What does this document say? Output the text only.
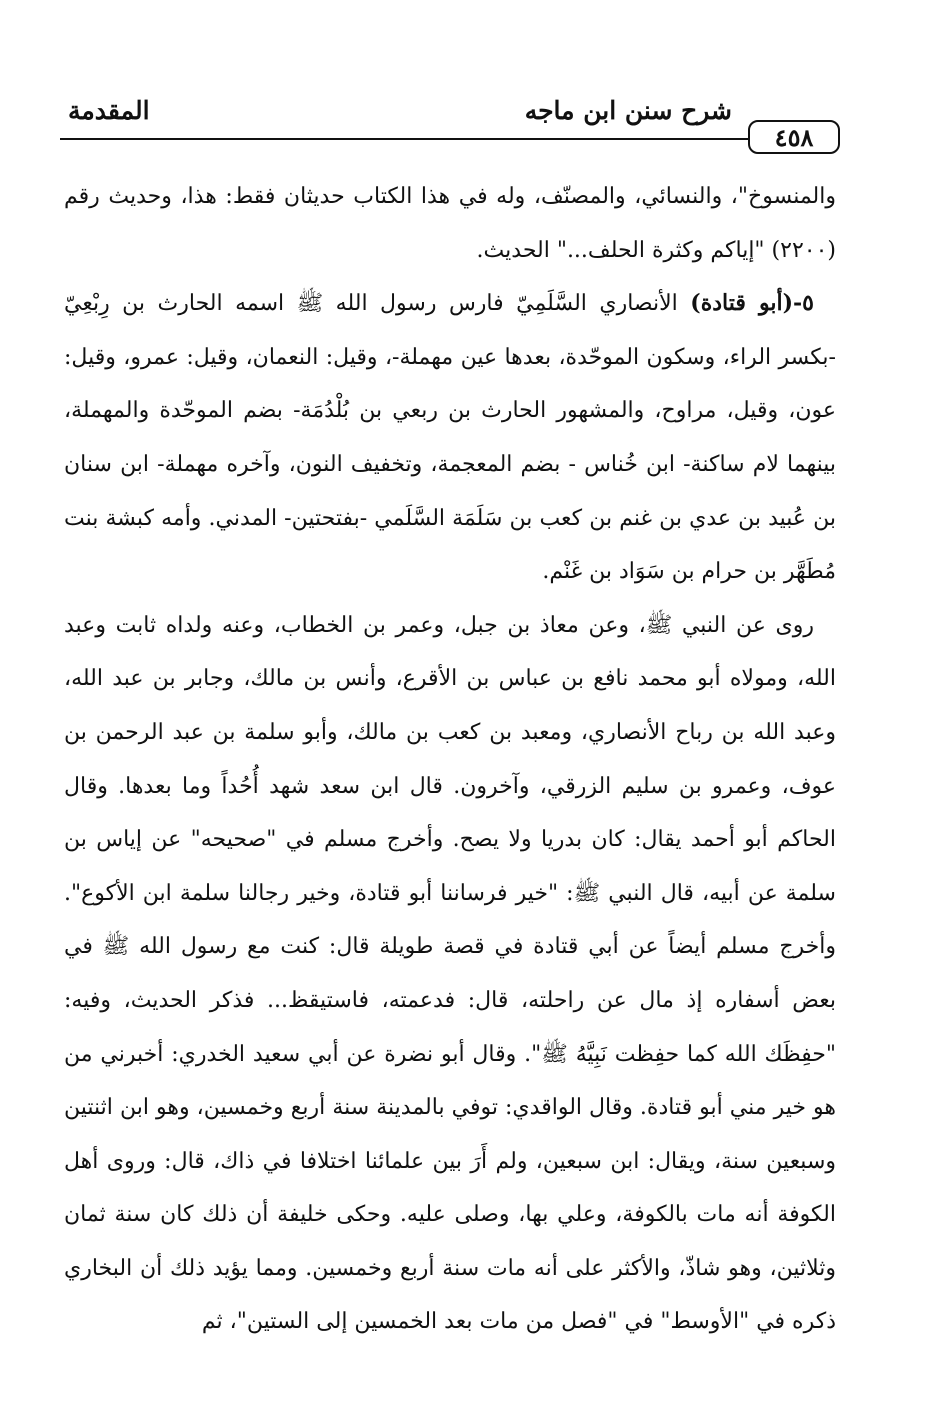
٤٥٨
شرح سنن ابن ماجه
المقدمة

والمنسوخ"، والنسائي، والمصنّف، وله في هذا الكتاب حديثان فقط: هذا، وحديث رقم (٢٢٠٠) "إياكم وكثرة الحلف..." الحديث.

٥-(أبو قتادة) الأنصاري السَّلَمِيّ فارس رسول الله ﷺ اسمه الحارث بن رِبْعِيّ -بكسر الراء، وسكون الموحّدة، بعدها عين مهملة-، وقيل: النعمان، وقيل: عمرو، وقيل: عون، وقيل، مراوح، والمشهور الحارث بن ربعي بن بُلْدُمَة- بضم الموحّدة والمهملة، بينهما لام ساكنة- ابن خُناس - بضم المعجمة، وتخفيف النون، وآخره مهملة- ابن سنان بن عُبيد بن عدي بن غنم بن كعب بن سَلَمَة السَّلَمي -بفتحتين- المدني. وأمه كبشة بنت مُطَهَّر بن حرام بن سَوَاد بن غَنْم.

روى عن النبي ﷺ، وعن معاذ بن جبل، وعمر بن الخطاب، وعنه ولداه ثابت وعبد الله، ومولاه أبو محمد نافع بن عباس بن الأقرع، وأنس بن مالك، وجابر بن عبد الله، وعبد الله بن رباح الأنصاري، ومعبد بن كعب بن مالك، وأبو سلمة بن عبد الرحمن بن عوف، وعمرو بن سليم الزرقي، وآخرون. قال ابن سعد شهد أُحُداً وما بعدها. وقال الحاكم أبو أحمد يقال: كان بدريا ولا يصح. وأخرج مسلم في "صحيحه" عن إياس بن سلمة عن أبيه، قال النبي ﷺ: "خير فرساننا أبو قتادة، وخير رجالنا سلمة ابن الأكوع". وأخرج مسلم أيضاً عن أبي قتادة في قصة طويلة قال: كنت مع رسول الله ﷺ في بعض أسفاره إذ مال عن راحلته، قال: فدعمته، فاستيقظ... فذكر الحديث، وفيه: "حفِظَك الله كما حفِظت نَبِيَّهُ ﷺ". وقال أبو نضرة عن أبي سعيد الخدري: أخبرني من هو خير مني أبو قتادة. وقال الواقدي: توفي بالمدينة سنة أربع وخمسين، وهو ابن اثنتين وسبعين سنة، ويقال: ابن سبعين، ولم أَرَ بين علمائنا اختلافا في ذاك، قال: وروى أهل الكوفة أنه مات بالكوفة، وعلي بها، وصلى عليه. وحكى خليفة أن ذلك كان سنة ثمان وثلاثين، وهو شاذّ، والأكثر على أنه مات سنة أربع وخمسين. ومما يؤيد ذلك أن البخاري ذكره في "الأوسط" في "فصل من مات بعد الخمسين إلى الستين"، ثم
